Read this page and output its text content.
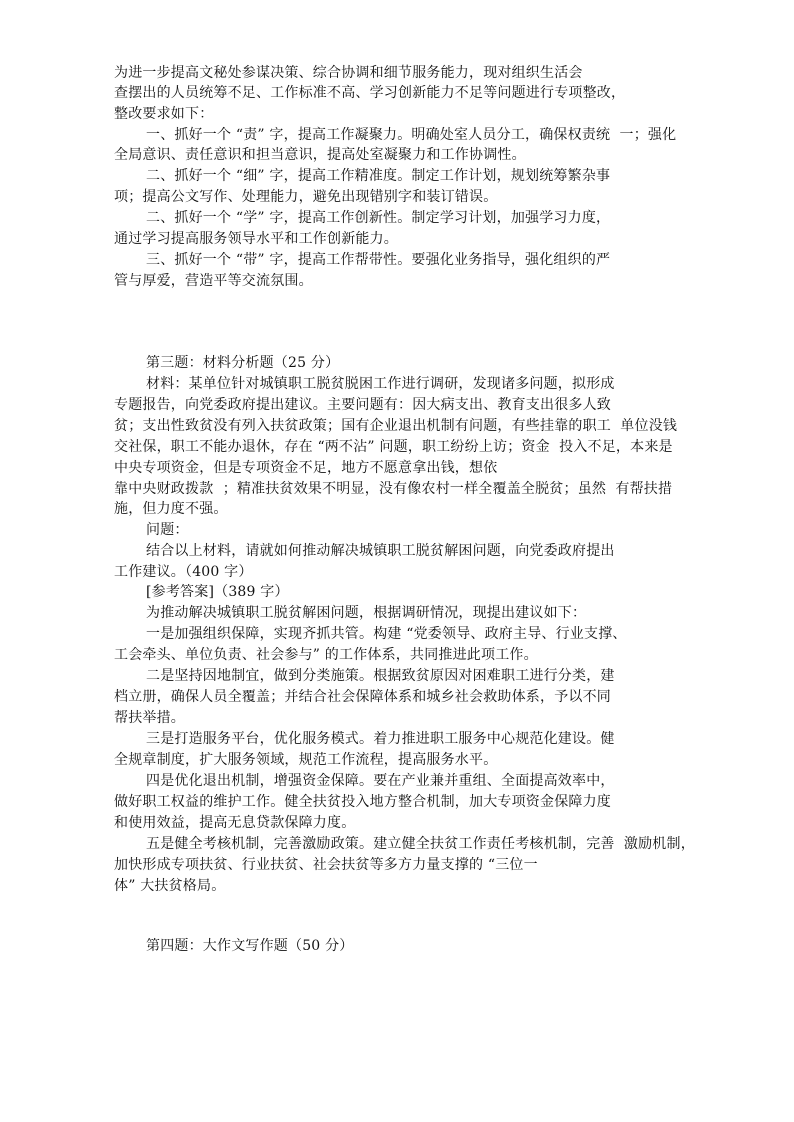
为进一步提高文秘处参谋决策、综合协调和细节服务能力，现对组织生活会
查摆出的人员统筹不足、工作标准不高、学习创新能力不足等问题进行专项整改，
整改要求如下：
一、抓好一个 “责” 字，提高工作凝聚力。明确处室人员分工，确保权责统  一；强化
全局意识、责任意识和担当意识，提高处室凝聚力和工作协调性。
二、抓好一个 “细” 字，提高工作精准度。制定工作计划，规划统筹繁杂事
项；提高公文写作、处理能力，避免出现错别字和装订错误。
二、抓好一个 “学” 字，提高工作创新性。制定学习计划，加强学习力度，
通过学习提高服务领导水平和工作创新能力。
三、抓好一个 “带” 字，提高工作帮带性。要强化业务指导，强化组织的严
管与厚爱，营造平等交流氛围。
第三题：材料分析题（25 分）
材料：某单位针对城镇职工脱贫脱困工作进行调研，发现诸多问题，拟形成
专题报告，向党委政府提出建议。主要问题有：因大病支出、教育支出很多人致
贫；支出性致贫没有列入扶贫政策；国有企业退出机制有问题，有些挂靠的职工  单位没钱
交社保，职工不能办退休，存在 “两不沾” 问题，职工纷纷上访；资金  投入不足，本来是
中央专项资金，但是专项资金不足，地方不愿意拿出钱，想依
靠中央财政拨款  ；精准扶贫效果不明显，没有像农村一样全覆盖全脱贫；虽然  有帮扶措
施，但力度不强。
问题：
结合以上材料，请就如何推动解决城镇职工脱贫解困问题，向党委政府提出
工作建议。（400 字）
[参考答案]（389 字）
为推动解决城镇职工脱贫解困问题，根据调研情况，现提出建议如下：
一是加强组织保障，实现齐抓共管。构建 “党委领导、政府主导、行业支撑、
工会牵头、单位负责、社会参与” 的工作体系，共同推进此项工作。
二是坚持因地制宜，做到分类施策。根据致贫原因对困难职工进行分类，建
档立册，确保人员全覆盖；并结合社会保障体系和城乡社会救助体系，予以不同
帮扶举措。
三是打造服务平台，优化服务模式。着力推进职工服务中心规范化建设。健
全规章制度，扩大服务领域，规范工作流程，提高服务水平。
四是优化退出机制，增强资金保障。要在产业兼并重组、全面提高效率中，
做好职工权益的维护工作。健全扶贫投入地方整合机制，加大专项资金保障力度
和使用效益，提高无息贷款保障力度。
五是健全考核机制，完善激励政策。建立健全扶贫工作责任考核机制，完善  激励机制，
加快形成专项扶贫、行业扶贫、社会扶贫等多方力量支撑的 “三位一
体” 大扶贫格局。
第四题：大作文写作题（50 分）
